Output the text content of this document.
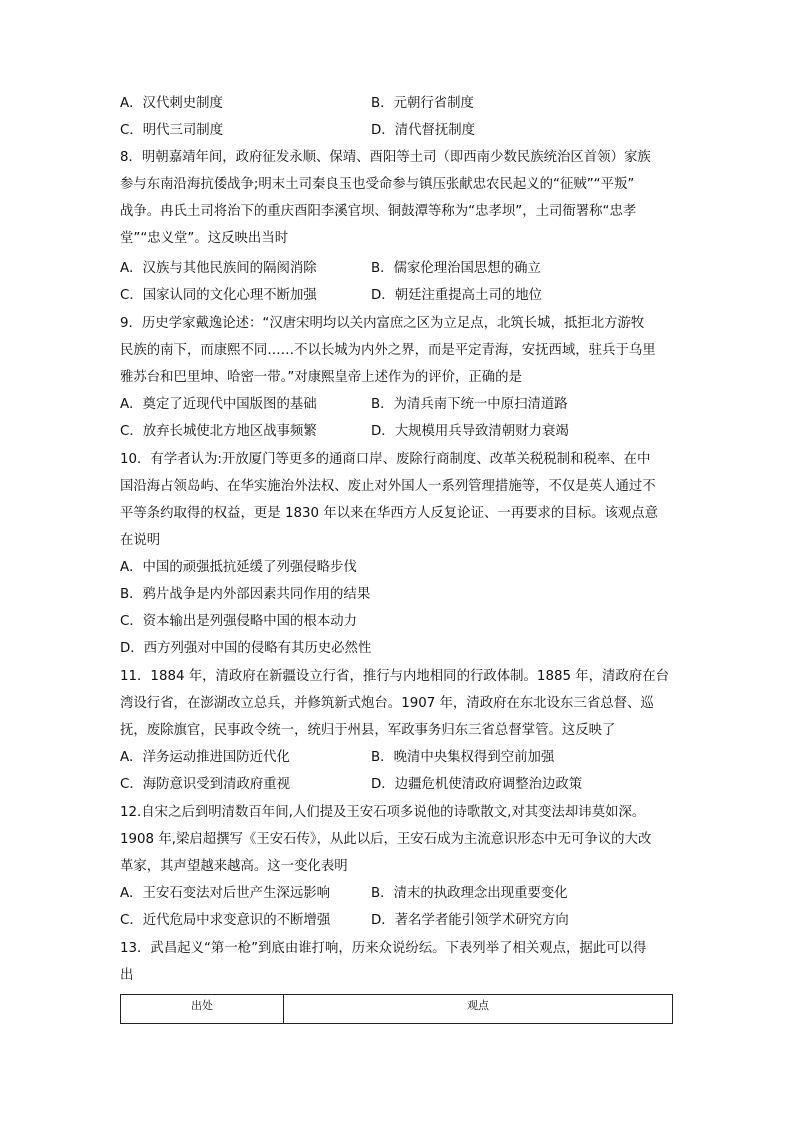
A．汉代刺史制度	B．元朝行省制度
C．明代三司制度	D．清代督抚制度
8．明朝嘉靖年间，政府征发永顺、保靖、酉阳等土司（即西南少数民族统治区首领）家族
参与东南沿海抗倭战争;明末土司秦良玉也受命参与镇压张献忠农民起义的“征贼”“平叛”
战争。冉氏土司将治下的重庆酉阳李溪官坝、铜鼓潭等称为“忠孝坝”，土司衙署称“忠孝
堂”“忠义堂”。这反映出当时
A．汉族与其他民族间的隔阂消除	B．儒家伦理治国思想的确立
C．国家认同的文化心理不断加强	D．朝廷注重提高土司的地位
9．历史学家戴逸论述：“汉唐宋明均以关内富庶之区为立足点，北筑长城，抵拒北方游牧
民族的南下，而康熙不同……不以长城为内外之界，而是平定青海，安抚西域，驻兵于乌里
雅苏台和巴里坤、哈密一带。”对康熙皇帝上述作为的评价，正确的是
A．奠定了近现代中国版图的基础	B．为清兵南下统一中原扫清道路
C．放弃长城使北方地区战事频繁	D．大规模用兵导致清朝财力衰竭
10．有学者认为:开放厦门等更多的通商口岸、废除行商制度、改革关税税制和税率、在中
国沿海占领岛屿、在华实施治外法权、废止对外国人一系列管理措施等，不仅是英人通过不
平等条约取得的权益，更是 1830 年以来在华西方人反复论证、一再要求的目标。该观点意
在说明
A．中国的顽强抵抗延缓了列强侵略步伐
B．鸦片战争是内外部因素共同作用的结果
C．资本输出是列强侵略中国的根本动力
D．西方列强对中国的侵略有其历史必然性
11．1884 年，清政府在新疆设立行省，推行与内地相同的行政体制。1885 年，清政府在台
湾设行省，在澎湖改立总兵，并修筑新式炮台。1907 年，清政府在东北设东三省总督、巡
抚，废除旗官，民事政令统一，统归于州县，军政事务归东三省总督掌管。这反映了
A．洋务运动推进国防近代化	B．晚清中央集权得到空前加强
C．海防意识受到清政府重视	D．边疆危机使清政府调整治边政策
12.自宋之后到明清数百年间,人们提及王安石项多说他的诗歌散文,对其变法却讳莫如深。
1908 年,梁启超撰写《王安石传》，从此以后，王安石成为主流意识形态中无可争议的大改
革家，其声望越来越高。这一变化表明
A．王安石变法对后世产生深远影响	B．清末的执政理念出现重要变化
C．近代危局中求变意识的不断增强	D．著名学者能引领学术研究方向
13．武昌起义“第一枪”到底由谁打响，历来众说纷纭。下表列举了相关观点，据此可以得
出
出处	观点
